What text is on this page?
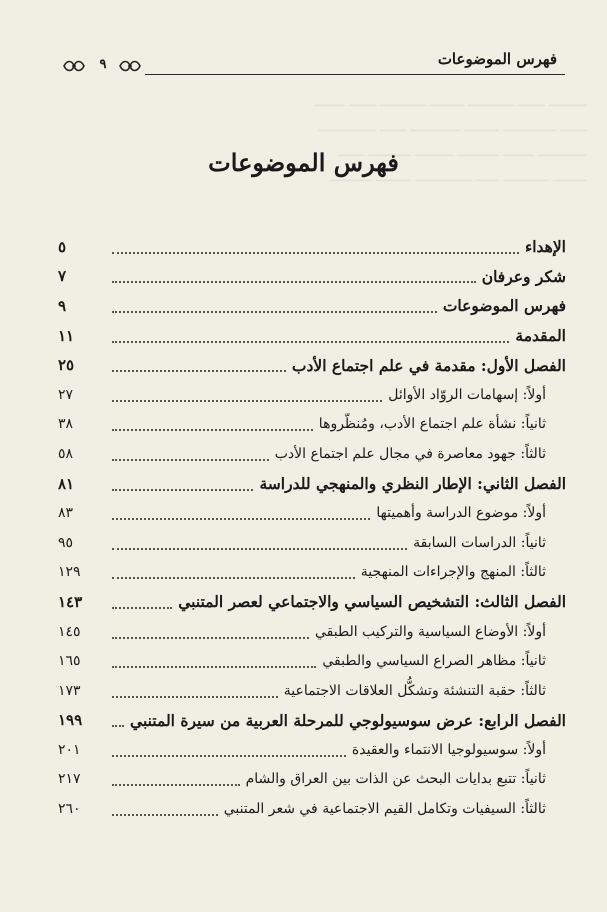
فهرس الموضوعات
٩
ــــــــــ ـــــــ ــــــــــــ ـــــــــ ــــــــــــ ـــــــ ــــــــ
ـــــــ ــــــــــــــ ـــــــــ ـــــــــــــ ـــــــ ـــــــــــــــ
ـــــــــــــ ــــــــ ـــــــــــ ــــــــــ ـــــــــــ ـــــــ
ـــــــــ ــــــــــــ ــــــ ـــــــــــــــ ـــــــــ ـــــــــــ
فهرس الموضوعات
الإهداء
٥
شكر وعرفان
٧
فهرس الموضوعات
٩
المقدمة
١١
الفصل الأول: مقدمة في علم اجتماع الأدب
٢٥
أولاً: إسهامات الروّاد الأوائل
٢٧
ثانياً: نشأة علم اجتماع الأدب، ومُنظّروها
٣٨
ثالثاً: جهود معاصرة في مجال علم اجتماع الأدب
٥٨
الفصل الثاني: الإطار النظري والمنهجي للدراسة
٨١
أولاً: موضوع الدراسة وأهميتها
٨٣
ثانياً: الدراسات السابقة
٩٥
ثالثاً: المنهج والإجراءات المنهجية
١٢٩
الفصل الثالث: التشخيص السياسي والاجتماعي لعصر المتنبي
١٤٣
أولاً: الأوضاع السياسية والتركيب الطبقي
١٤٥
ثانياً: مظاهر الصراع السياسي والطبقي
١٦٥
ثالثاً: حقبة التنشئة وتشكُّل العلاقات الاجتماعية
١٧٣
الفصل الرابع: عرض سوسيولوجي للمرحلة العربية من سيرة المتنبي
١٩٩
أولاً: سوسيولوجيا الانتماء والعقيدة
٢٠١
ثانياً: تتبع بدايات البحث عن الذات بين العراق والشام
٢١٧
ثالثاً: السيفيات وتكامل القيم الاجتماعية في شعر المتنبي
٢٦٠
